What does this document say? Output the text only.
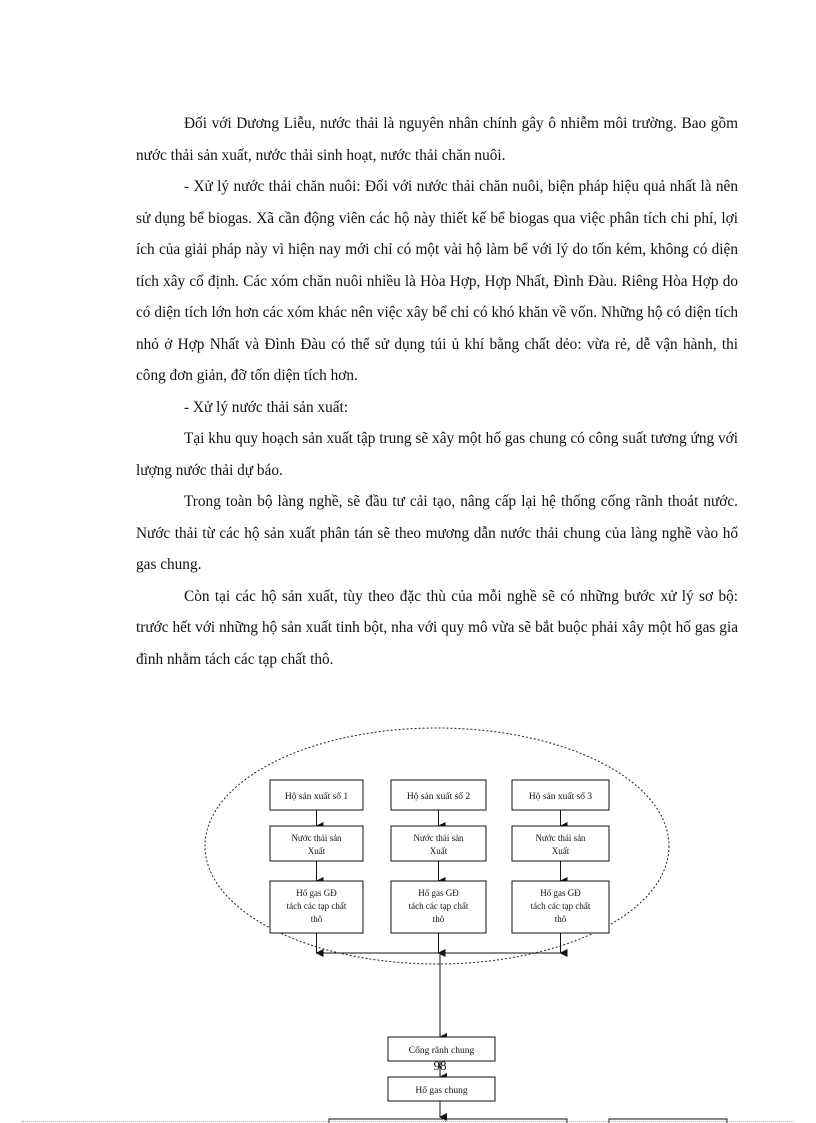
Đối với Dương Liễu, nước thải là nguyên nhân chính gây ô nhiễm môi trường. Bao gồm nước thải sản xuất, nước thải sinh hoạt, nước thải chăn nuôi.

- Xử lý nước thải chăn nuôi: Đối với nước thải chăn nuôi, biện pháp hiệu quả nhất là nên sử dụng bể biogas. Xã cần động viên các hộ này thiết kế bể biogas qua việc phân tích chi phí, lợi ích của giải pháp này vì hiện nay mới chỉ có một vài hộ làm bể với lý do tốn kém, không có diện tích xây cố định. Các xóm chăn nuôi nhiều là Hòa Hợp, Hợp Nhất, Đình Đàu. Riêng Hòa Hợp do có diện tích lớn hơn các xóm khác nên việc xây bể chỉ có khó khăn về vốn. Những hộ có diện tích nhỏ ở Hợp Nhất và Đình Đàu có thể sử dụng túi ủ khí bằng chất dẻo: vừa rẻ, dễ vận hành, thi công đơn giản, đỡ tốn diện tích hơn.

- Xử lý nước thải sản xuất:

Tại khu quy hoạch sản xuất tập trung sẽ xây một hố gas chung có công suất tương ứng với lượng nước thải dự báo.

Trong toàn bộ làng nghề, sẽ đầu tư cải tạo, nâng cấp lại hệ thống cống rãnh thoát nước. Nước thải từ các hộ sản xuất phân tán sẽ theo mương dẫn nước thải chung của làng nghề vào hố gas chung.

Còn tại các hộ sản xuất, tùy theo đặc thù của mỗi nghề sẽ có những bước xử lý sơ bộ: trước hết với những hộ sản xuất tinh bột, nha với quy mô vừa sẽ bắt buộc phải xây một hố gas gia đình nhằm tách các tạp chất thô.

Hộ sản xuất số 1
Nước thải sản
Xuất
Hố gas GĐ
tách các tạp chất
thô
Hộ sản xuất số 2
Nước thải sản
Xuất
Hố gas GĐ
tách các tạp chất
thô
Hộ sản xuất số 3
Nước thải sản
Xuất
Hố gas GĐ
tách các tạp chất
thô
Cống rãnh chung
Hố gas chung
98
